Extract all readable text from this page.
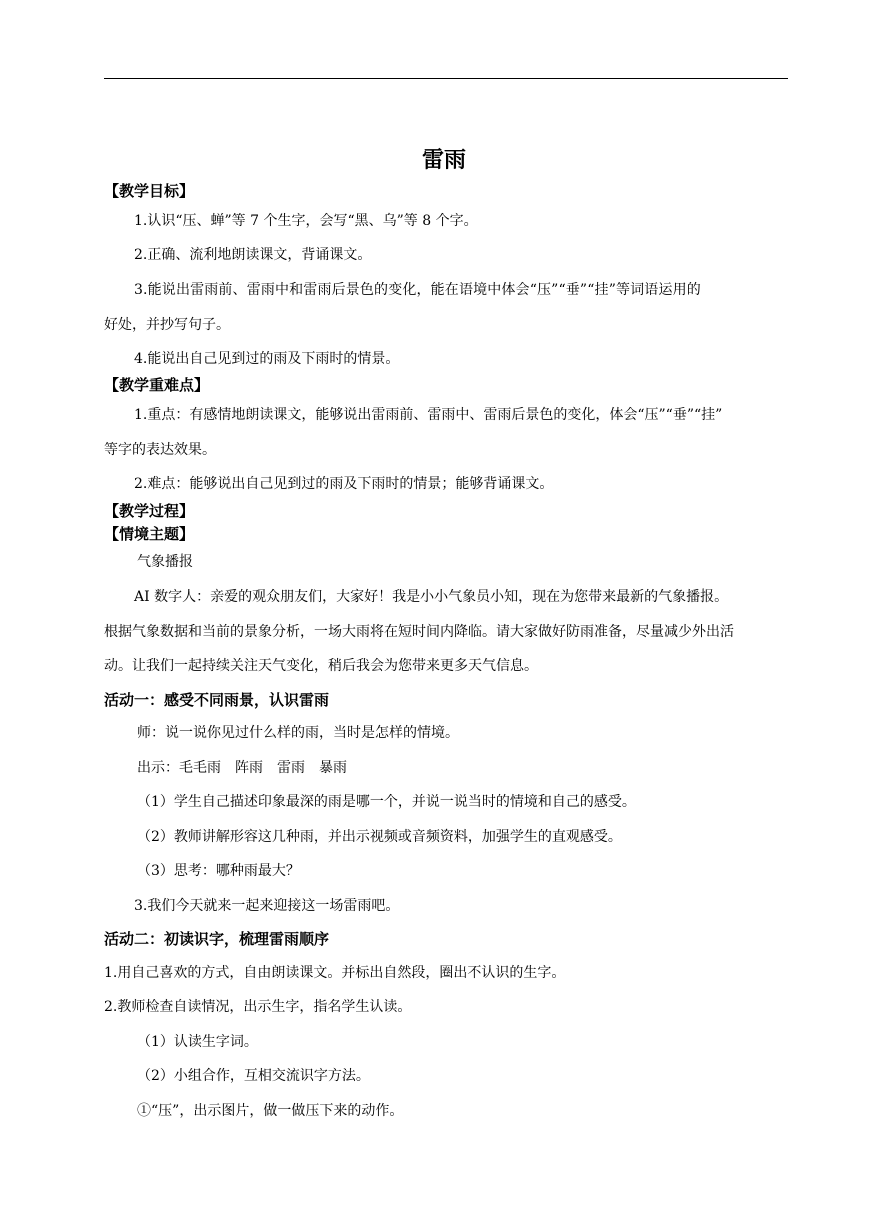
雷雨
【教学目标】
1.认识“压、蝉”等 7 个生字，会写“黑、乌”等 8 个字。
2.正确、流利地朗读课文，背诵课文。
3.能说出雷雨前、雷雨中和雷雨后景色的变化，能在语境中体会“压”“垂”“挂”等词语运用的
好处，并抄写句子。
4.能说出自己见到过的雨及下雨时的情景。
【教学重难点】
1.重点：有感情地朗读课文，能够说出雷雨前、雷雨中、雷雨后景色的变化，体会“压”“垂”“挂”
等字的表达效果。
2.难点：能够说出自己见到过的雨及下雨时的情景；能够背诵课文。
【教学过程】
【情境主题】
气象播报
AI 数字人：亲爱的观众朋友们，大家好！我是小小气象员小知，现在为您带来最新的气象播报。
根据气象数据和当前的景象分析，一场大雨将在短时间内降临。请大家做好防雨准备，尽量减少外出活
动。让我们一起持续关注天气变化，稍后我会为您带来更多天气信息。
活动一：感受不同雨景，认识雷雨
师：说一说你见过什么样的雨，当时是怎样的情境。
出示：毛毛雨　阵雨　雷雨　暴雨
（1）学生自己描述印象最深的雨是哪一个，并说一说当时的情境和自己的感受。
（2）教师讲解形容这几种雨，并出示视频或音频资料，加强学生的直观感受。
（3）思考：哪种雨最大？
3.我们今天就来一起来迎接这一场雷雨吧。
活动二：初读识字，梳理雷雨顺序
1.用自己喜欢的方式，自由朗读课文。并标出自然段，圈出不认识的生字。
2.教师检查自读情况，出示生字，指名学生认读。
（1）认读生字词。
（2）小组合作，互相交流识字方法。
①“压”，出示图片，做一做压下来的动作。
